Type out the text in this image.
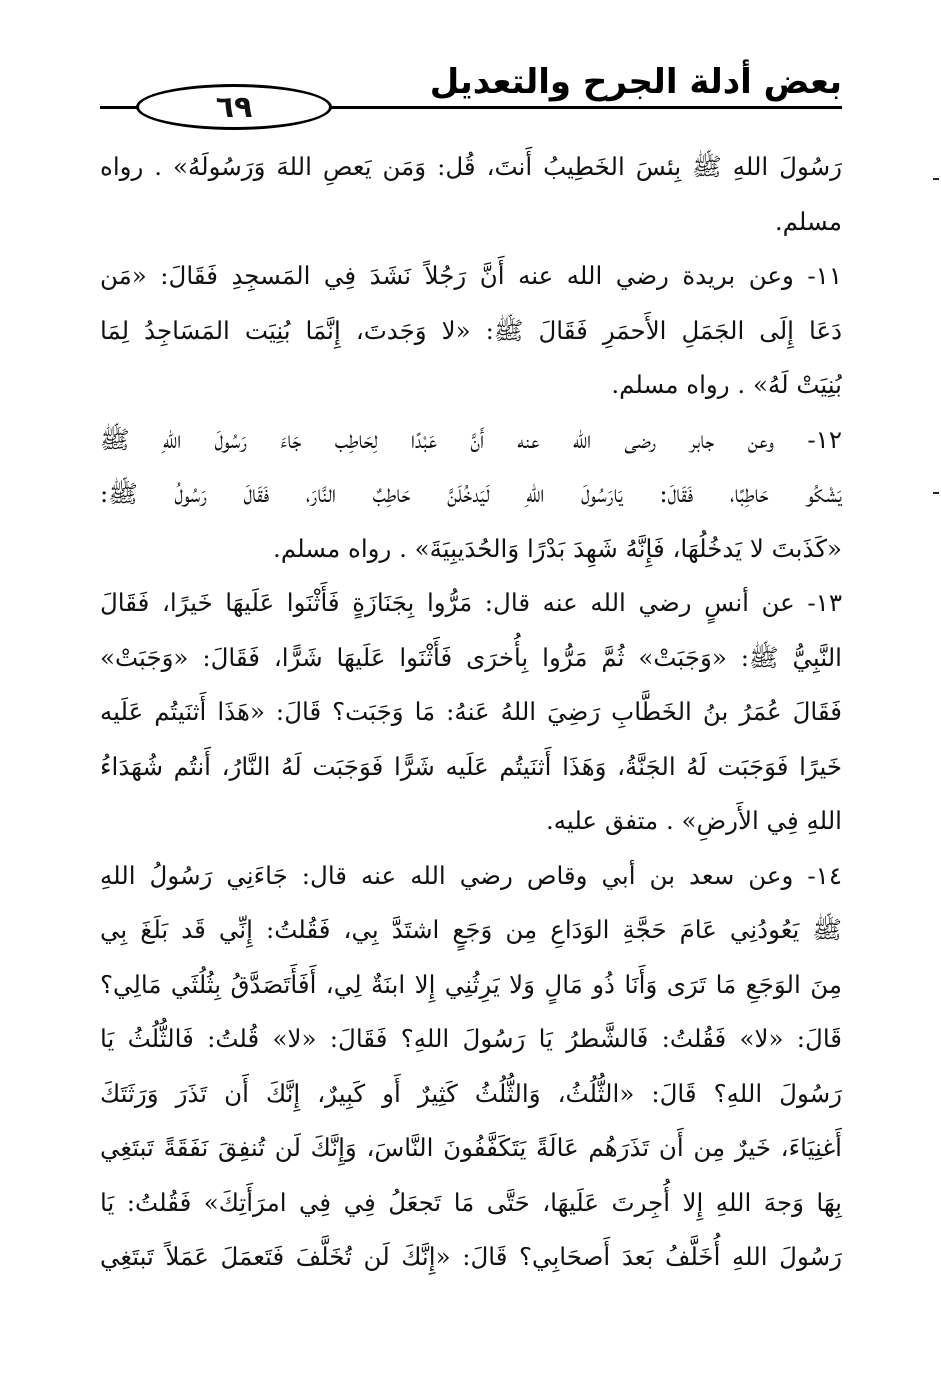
بعض أدلة الجرح والتعديل
٦٩

رَسُولَ اللهِ ﷺ بِئسَ الخَطِيبُ أَنتَ، قُل: وَمَن يَعصِ اللهَ وَرَسُولَهُ» . رواه
مسلم.

١١- وعن بريدة رضي الله عنه أَنَّ رَجُلاً نَشَدَ فِي المَسجِدِ فَقَالَ: «مَن
دَعَا إِلَى الجَمَلِ الأَحمَرِ فَقَالَ ﷺ: «لا وَجَدتَ، إِنَّمَا بُنِيَت المَسَاجِدُ لِمَا
بُنِيَتْ لَهُ» . رواه مسلم.

١٢- وعن جابر رضى الله عنه أَنَّ عَبْدًا لِحَاطِب جَاءَ رَسُولَ اللهِ ﷺ
يَشْكُو حَاطِبًا، فَقَالَ: يَارَسُولَ اللهِ لَيَدخُلَنَّ حَاطِبٌ النَّارَ، فَقَالَ رَسُولُ ﷺ:
«كَذَبتَ لا يَدخُلُهَا، فَإِنَّهُ شَهِدَ بَدْرًا وَالحُدَيبِيَةَ» . رواه مسلم.

١٣- عن أنسٍ رضي الله عنه قال: مَرُّوا بِجَنَازَةٍ فَأَثْنَوا عَلَيهَا خَيرًا، فَقَالَ
النَّبِيُّ ﷺ: «وَجَبَتْ» ثُمَّ مَرُّوا بِأُخرَى فَأَثْنَوا عَلَيهَا شَرًّا، فَقَالَ: «وَجَبَتْ»
فَقَالَ عُمَرُ بنُ الخَطَّابِ رَضِيَ اللهُ عَنهُ: مَا وَجَبَت؟ قَالَ: «هَذَا أَثنَيتُم عَلَيه
خَيرًا فَوَجَبَت لَهُ الجَنَّةُ، وَهَذَا أَثنَيتُم عَلَيه شَرًّا فَوَجَبَت لَهُ النَّارُ، أَنتُم شُهَدَاءُ
اللهِ فِي الأَرضِ» . متفق عليه.

١٤- وعن سعد بن أبي وقاص رضي الله عنه قال: جَاءَنِي رَسُولُ اللهِ
ﷺ يَعُودُنِي عَامَ حَجَّةِ الوَدَاعِ مِن وَجَعٍ اشتَدَّ بِي، فَقُلتُ: إِنِّي قَد بَلَغَ بِي
مِنَ الوَجَعِ مَا تَرَى وَأَنَا ذُو مَالٍ وَلا يَرِثُنِي إِلا ابنَةٌ لِي، أَفَأَتَصَدَّقُ بِثُلُثَي مَالِي؟
قَالَ: «لا» فَقُلتُ: فَالشَّطرُ يَا رَسُولَ اللهِ؟ فَقَالَ: «لا» قُلتُ: فَالثُّلُثُ يَا
رَسُولَ اللهِ؟ قَالَ: «الثُّلُثُ، وَالثُّلُثُ كَثِيرٌ أَو كَبِيرٌ، إِنَّكَ أَن تَذَرَ وَرَثَتَكَ
أَغنِيَاءَ، خَيرٌ مِن أَن تَذَرَهُم عَالَةً يَتَكَفَّفُونَ النَّاسَ، وَإِنَّكَ لَن تُنفِقَ نَفَقَةً تَبتَغِي
بِهَا وَجهَ اللهِ إِلا أُجِرتَ عَلَيهَا، حَتَّى مَا تَجعَلُ فِي فِي امرَأَتِكَ» فَقُلتُ: يَا
رَسُولَ اللهِ أُخَلَّفُ بَعدَ أَصحَابِي؟ قَالَ: «إِنَّكَ لَن تُخَلَّفَ فَتَعمَلَ عَمَلاً تَبتَغِي
